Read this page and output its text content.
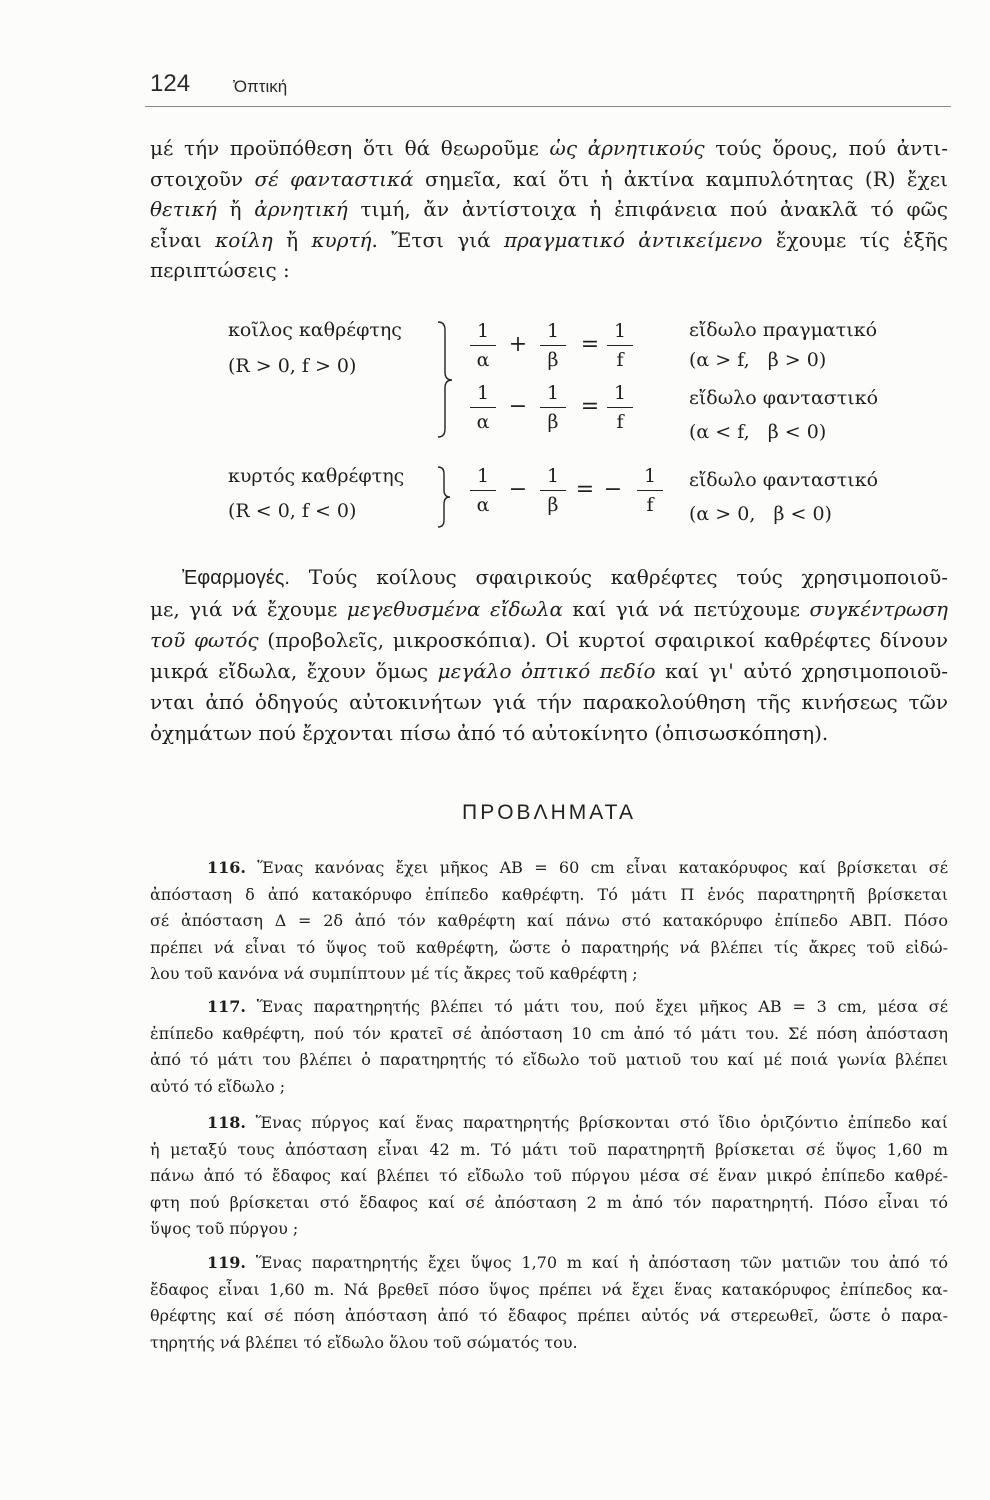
124	Ὀπτική
μέ τήν προϋπόθεση ὅτι θά θεωροῦμε ὡς ἀρνητικούς τούς ὅρους, πού ἀντι-
στοιχοῦν σέ φανταστικά σημεῖα, καί ὅτι ἡ ἀκτίνα καμπυλότητας (R) ἔχει
θετική ἤ ἀρνητική τιμή, ἄν ἀντίστοιχα ἡ ἐπιφάνεια πού ἀνακλᾶ τό φῶς
εἶναι κοίλη ἤ κυρτή. Ἔτσι γιά πραγματικό ἀντικείμενο ἔχουμε τίς ἑξῆς
περιπτώσεις :
κοῖλος καθρέφτης
(R > 0, f > 0)
κυρτός καθρέφτης
(R < 0, f < 0)
1
α
+
1
β
=
1
f
1
α
−
1
β
=
1
f
1
α
−
1
β
= −
1
f
εἴδωλο πραγματικό
(α > f,   β > 0)
εἴδωλο φανταστικό
(α < f,   β < 0)
εἴδωλο φανταστικό
(α > 0,   β < 0)
Ἐφαρμογές. Τούς κοίλους σφαιρικούς καθρέφτες τούς χρησιμοποιοῦ-
με, γιά νά ἔχουμε μεγεθυσμένα εἴδωλα καί γιά νά πετύχουμε συγκέντρωση
τοῦ φωτός (προβολεῖς, μικροσκόπια). Οἱ κυρτοί σφαιρικοί καθρέφτες δίνουν
μικρά εἴδωλα, ἔχουν ὅμως μεγάλο ὀπτικό πεδίο καί γι' αὐτό χρησιμοποιοῦ-
νται ἀπό ὁδηγούς αὐτοκινήτων γιά τήν παρακολούθηση τῆς κινήσεως τῶν
ὀχημάτων πού ἔρχονται πίσω ἀπό τό αὐτοκίνητο (ὀπισωσκόπηση).
ΠΡΟΒΛΗΜΑΤΑ
116. Ἕνας κανόνας ἔχει μῆκος ΑΒ = 60 cm εἶναι κατακόρυφος καί βρίσκεται σέ
ἀπόσταση δ ἀπό κατακόρυφο ἐπίπεδο καθρέφτη. Τό μάτι Π ἑνός παρατηρητῆ βρίσκεται
σέ ἀπόσταση Δ = 2δ ἀπό τόν καθρέφτη καί πάνω στό κατακόρυφο ἐπίπεδο ΑΒΠ. Πόσο
πρέπει νά εἶναι τό ὕψος τοῦ καθρέφτη, ὥστε ὁ παρατηρής νά βλέπει τίς ἄκρες τοῦ εἰδώ-
λου τοῦ κανόνα νά συμπίπτουν μέ τίς ἄκρες τοῦ καθρέφτη ;
117. Ἕνας παρατηρητής βλέπει τό μάτι του, πού ἔχει μῆκος ΑΒ = 3 cm, μέσα σέ
ἐπίπεδο καθρέφτη, πού τόν κρατεῖ σέ ἀπόσταση 10 cm ἀπό τό μάτι του. Σέ πόση ἀπόσταση
ἀπό τό μάτι του βλέπει ὁ παρατηρητής τό εἴδωλο τοῦ ματιοῦ του καί μέ ποιά γωνία βλέπει
αὐτό τό εἴδωλο ;
118. Ἕνας πύργος καί ἕνας παρατηρητής βρίσκονται στό ἴδιο ὁριζόντιο ἐπίπεδο καί
ἡ μεταξύ τους ἀπόσταση εἶναι 42 m. Τό μάτι τοῦ παρατηρητῆ βρίσκεται σέ ὕψος 1,60 m
πάνω ἀπό τό ἔδαφος καί βλέπει τό εἴδωλο τοῦ πύργου μέσα σέ ἕναν μικρό ἐπίπεδο καθρέ-
φτη πού βρίσκεται στό ἔδαφος καί σέ ἀπόσταση 2 m ἀπό τόν παρατηρητή. Πόσο εἶναι τό
ὕψος τοῦ πύργου ;
119. Ἕνας παρατηρητής ἔχει ὕψος 1,70 m καί ἡ ἀπόσταση τῶν ματιῶν του ἀπό τό
ἔδαφος εἶναι 1,60 m. Νά βρεθεῖ πόσο ὕψος πρέπει νά ἔχει ἕνας κατακόρυφος ἐπίπεδος κα-
θρέφτης καί σέ πόση ἀπόσταση ἀπό τό ἔδαφος πρέπει αὐτός νά στερεωθεῖ, ὥστε ὁ παρα-
τηρητής νά βλέπει τό εἴδωλο ὅλου τοῦ σώματός του.
